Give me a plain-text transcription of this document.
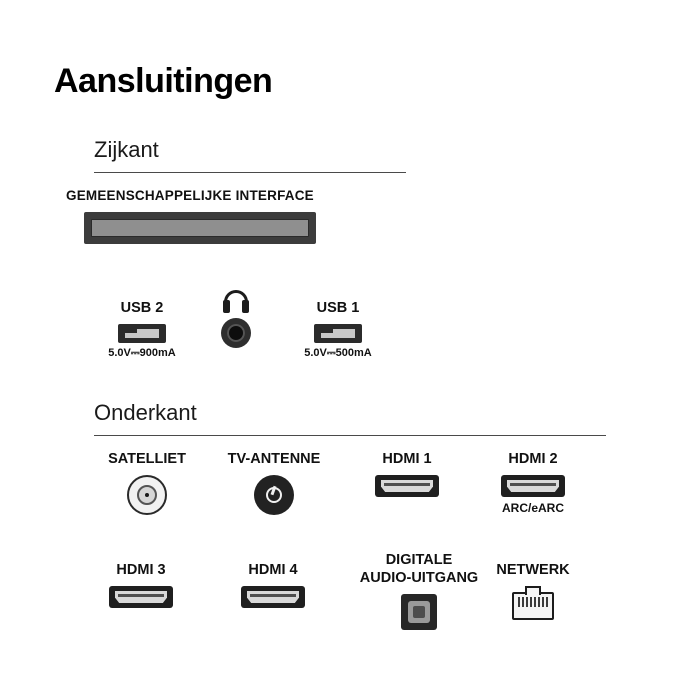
Aansluitingen
Zijkant
GEMEENSCHAPPELIJKE INTERFACE
USB 2
5.0V⎓900mA
USB 1
5.0V⎓500mA
Onderkant
SATELLIET	TV-ANTENNE	HDMI 1	HDMI 2
ARC/eARC
HDMI 3	HDMI 4
DIGITALE
AUDIO-UITGANG	NETWERK
